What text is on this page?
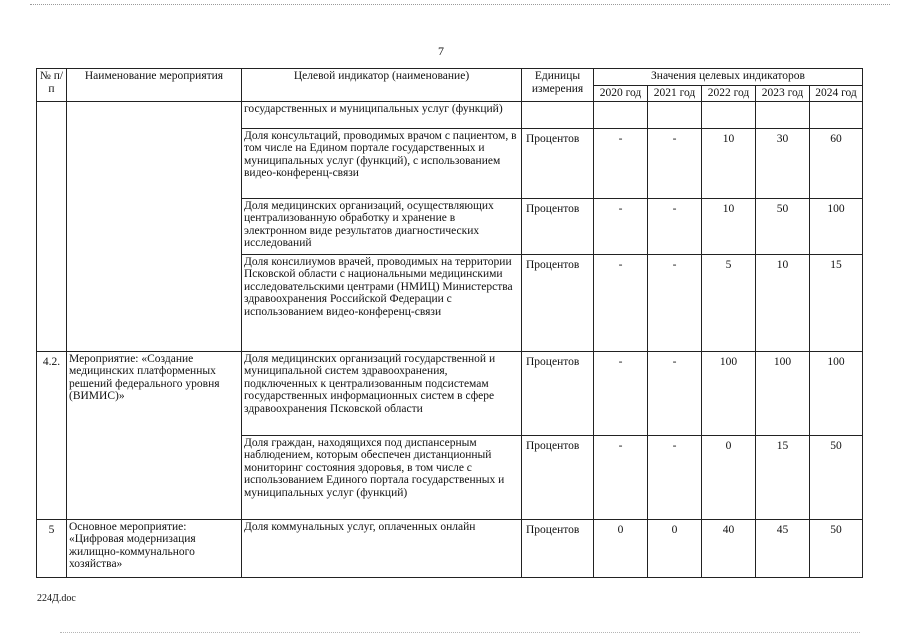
7
№ п/п	Наименование мероприятия	Целевой индикатор (наименование)	Единицы измерения	Значения целевых индикаторов				
				2020 год	2021 год	2022 год	2023 год	2024 год
		государственных и муниципальных услуг (функций)						
		Доля консультаций, проводимых врачом с пациентом, в том числе на Едином портале государственных и муниципальных услуг (функций), с использованием видео-конференц-связи	Процентов	-	-	10	30	60
		Доля медицинских организаций, осуществляющих централизованную обработку и хранение в электронном виде результатов диагностических исследований	Процентов	-	-	10	50	100
		Доля консилиумов врачей, проводимых на территории Псковской области с национальными медицинскими исследовательскими центрами (НМИЦ) Министерства здравоохранения Российской Федерации с использованием видео-конференц-связи	Процентов	-	-	5	10	15
4.2.	Мероприятие: «Создание медицинских платформенных решений федерального уровня (ВИМИС)»	Доля медицинских организаций государственной и муниципальной систем здравоохранения, подключенных к централизованным подсистемам государственных информационных систем в сфере здравоохранения Псковской области	Процентов	-	-	100	100	100
		Доля граждан, находящихся под диспансерным наблюдением, которым обеспечен дистанционный мониторинг состояния здоровья, в том числе с использованием Единого портала государственных и муниципальных услуг (функций)	Процентов	-	-	0	15	50
5	Основное мероприятие: «Цифровая модернизация жилищно-коммунального хозяйства»	Доля коммунальных услуг, оплаченных онлайн	Процентов	0	0	40	45	50
224Д.doc
